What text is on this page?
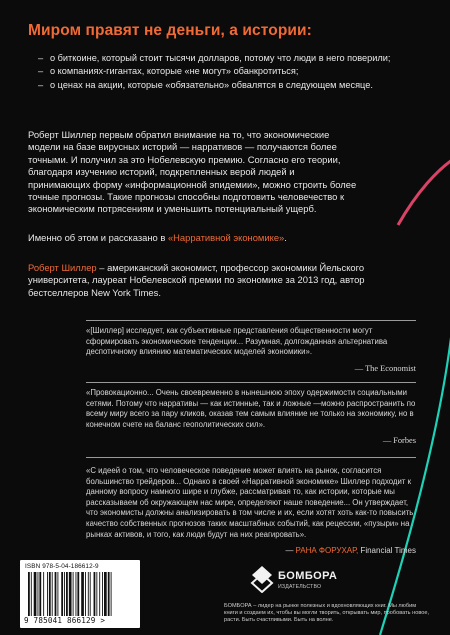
Миром правят не деньги, а истории:
– о биткоине, который стоит тысячи долларов, потому что люди в него поверили;
– о компаниях-гигантах, которые «не могут» обанкротиться;
– о ценах на акции, которые «обязательно» обвалятся в следующем месяце.

Роберт Шиллер первым обратил внимание на то, что экономические модели на базе вирусных историй — нарративов — получаются более точными. И получил за это Нобелевскую премию. Согласно его теории, благодаря изучению историй, подкрепленных верой людей и принимающих форму «информационной эпидемии», можно строить более точные прогнозы. Такие прогнозы способны подготовить человечество к экономическим потрясениям и уменьшить потенциальный ущерб.

Именно об этом и рассказано в «Нарративной экономике».

Роберт Шиллер – американский экономист, профессор экономики Йельского университета, лауреат Нобелевской премии по экономике за 2013 год, автор бестселлеров New York Times.

«[Шиллер] исследует, как субъективные представления общественности могут сформировать экономические тенденции... Разумная, долгожданная альтернатива деспотичному влиянию математических моделей экономики».
— The Economist
«Провокационно... Очень своевременно в нынешнюю эпоху одержимости социальными сетями. Потому что нарративы — как истинные, так и ложные —можно распространить по всему миру всего за пару кликов, оказав тем самым влияние не только на экономику, но в конечном счете на баланс геополитических сил».
— Forbes
«С идеей о том, что человеческое поведение может влиять на рынок, согласится большинство трейдеров... Однако в своей «Нарративной экономике» Шиллер подходит к данному вопросу намного шире и глубже, рассматривая то, как истории, которые мы рассказываем об окружающем нас мире, определяют наше поведение... Он утверждает, что экономисты должны анализировать в том числе и их, если хотят хоть как-то повысить качество собственных прогнозов таких масштабных событий, как рецессии, «пузыри» на рынках активов, и того, как люди будут на них реагировать».
— РАНА ФОРУХАР, Financial Times
ISBN 978-5-04-186612-9
9 785041 866129 >
БОМБОРА
ИЗДАТЕЛЬСТВО
БОМБОРА – лидер на рынке полезных и вдохновляющих книг. Мы любим книги и создаем их, чтобы вы могли творить, открывать мир, пробовать новое, расти. Быть счастливыми. Быть на волне.
